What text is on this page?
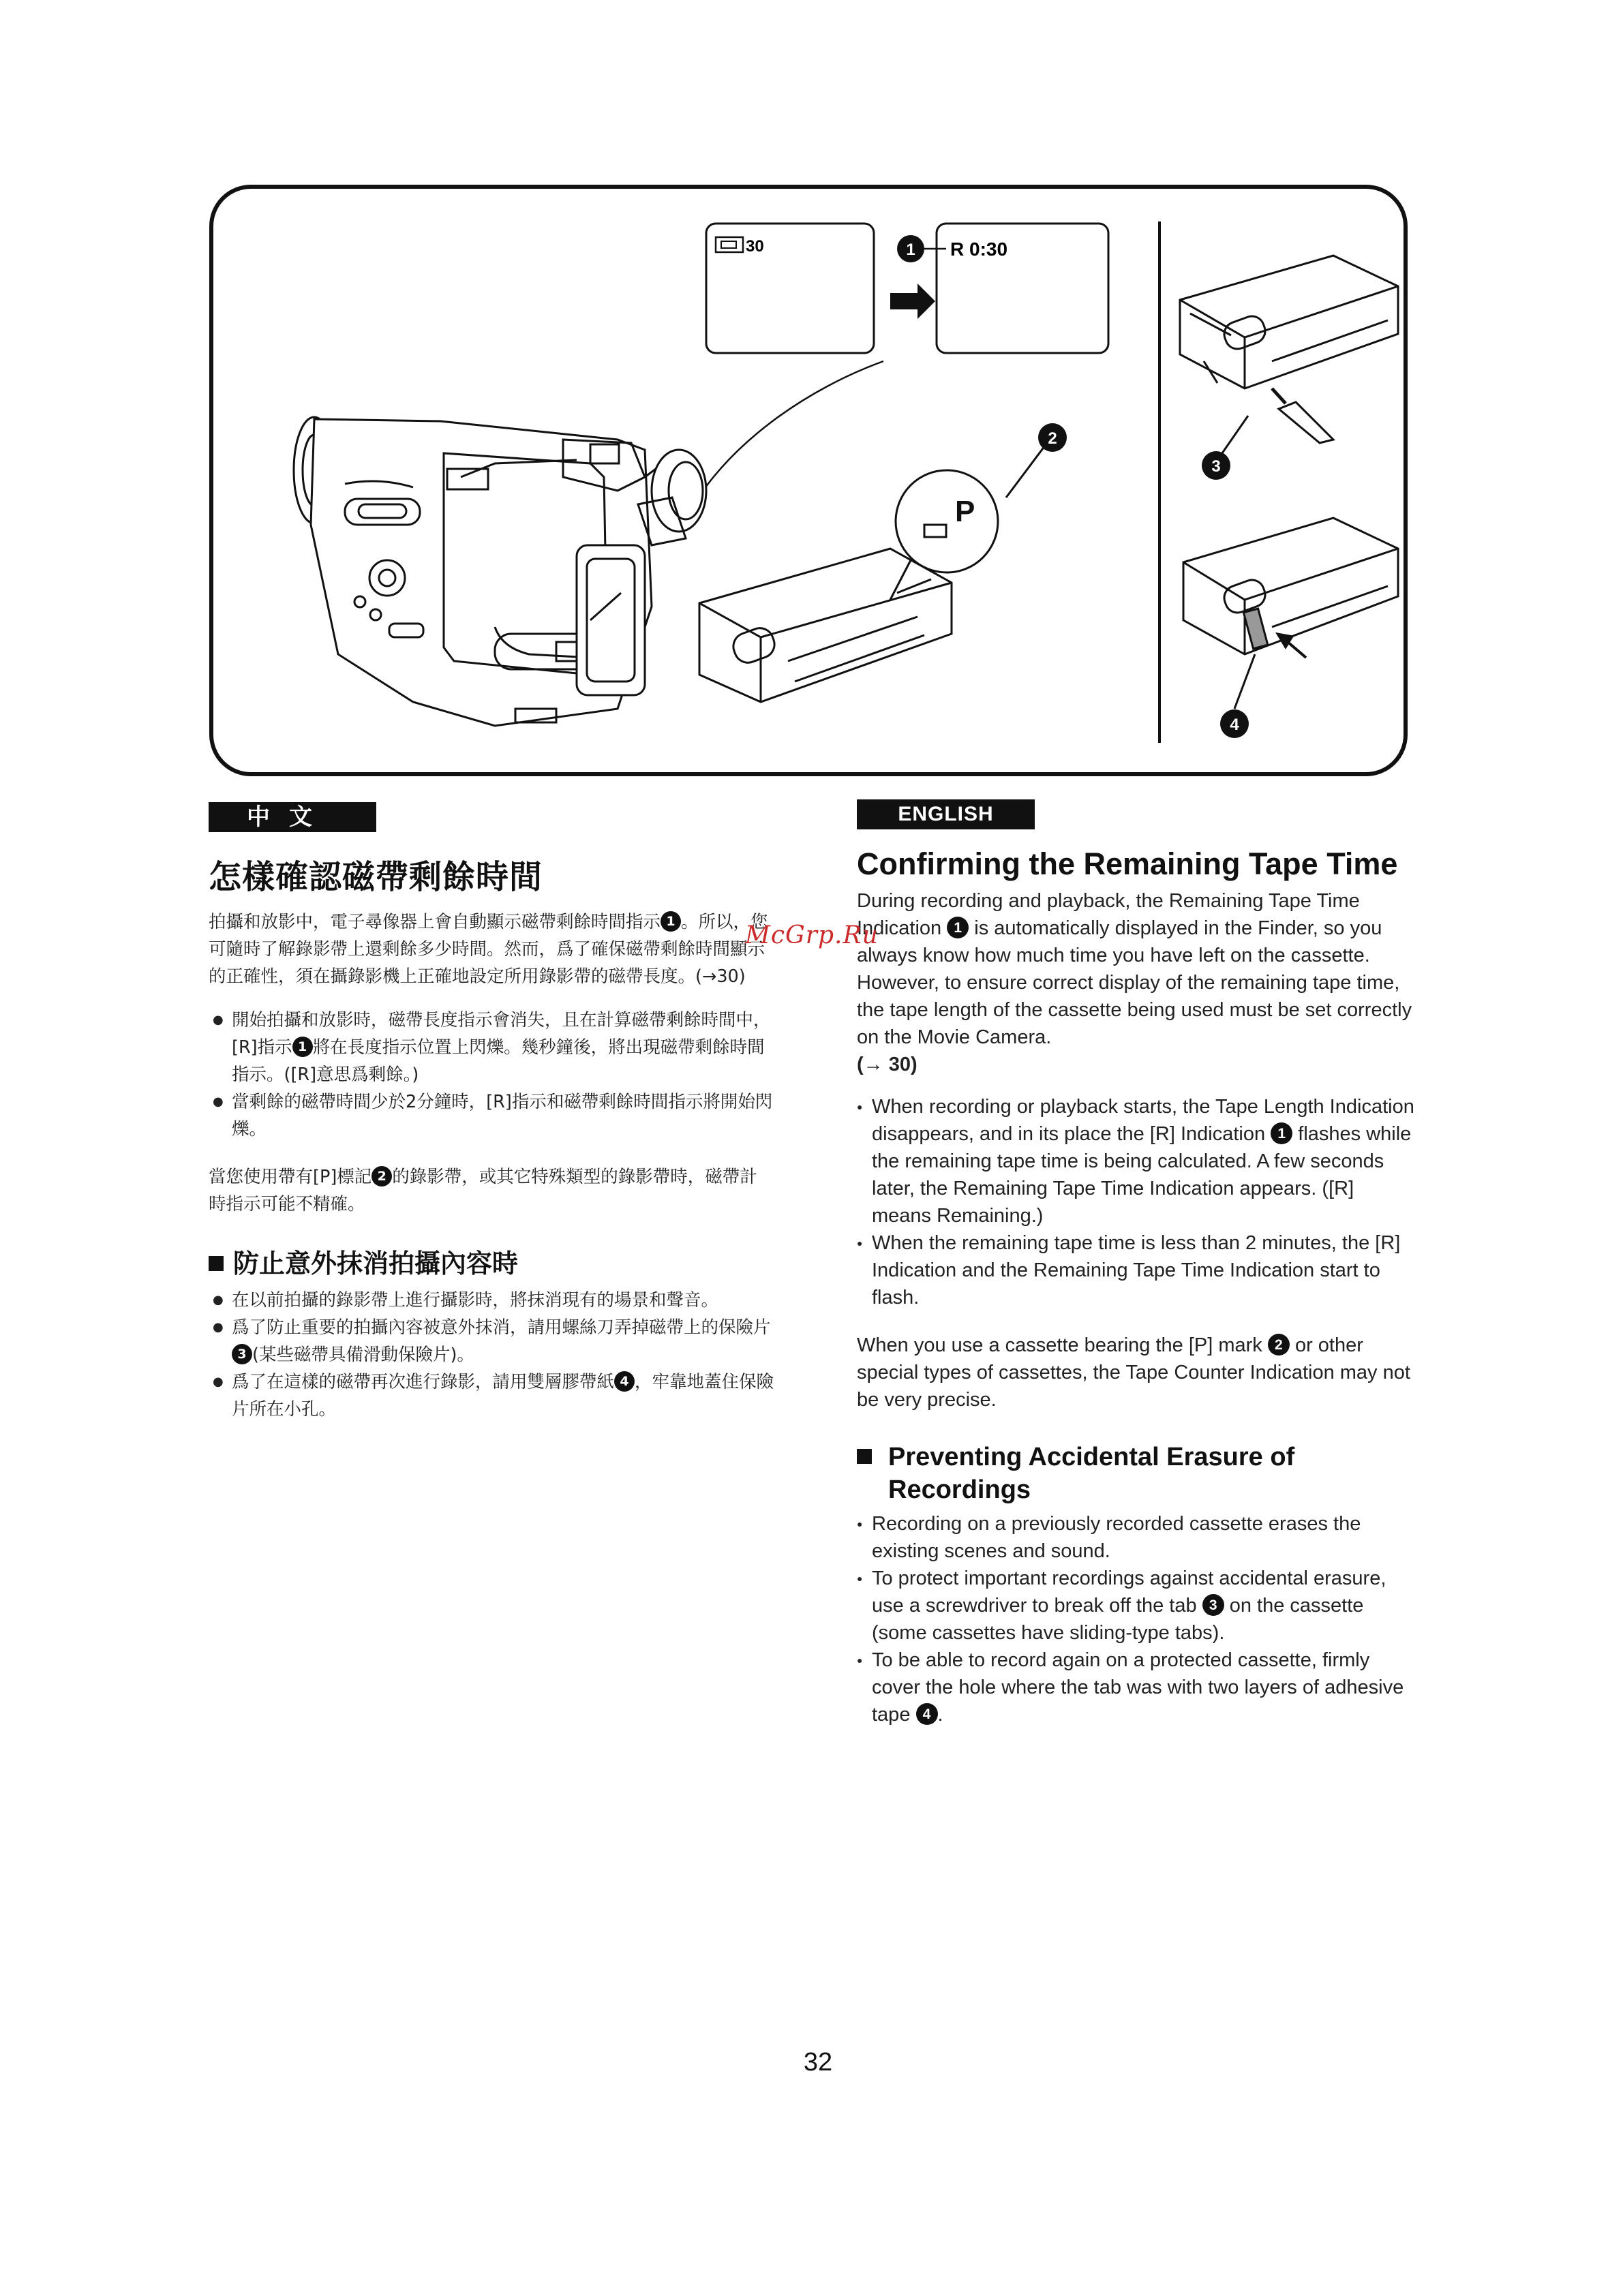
30	R 0:30
1
P
2
3
4
中文	ENGLISH
怎樣確認磁帶剩餘時間

拍攝和放影中，電子尋像器上會自動顯示磁帶剩餘時間指示 1 。所以，您可隨時了解錄影帶上還剩餘多少時間。然而，爲了確保磁帶剩餘時間顯示的正確性，須在攝錄影機上正確地設定所用錄影帶的磁帶長度。(→30)

● 開始拍攝和放影時，磁帶長度指示會消失，且在計算磁帶剩餘時間中，[R]指示 1 將在長度指示位置上閃爍。幾秒鐘後，將出現磁帶剩餘時間指示。([R]意思爲剩餘。)
● 當剩餘的磁帶時間少於2分鐘時，[R]指示和磁帶剩餘時間指示將開始閃爍。

當您使用帶有[P]標記 2 的錄影帶，或其它特殊類型的錄影帶時，磁帶計時指示可能不精確。

防止意外抹消拍攝內容時
● 在以前拍攝的錄影帶上進行攝影時，將抹消現有的場景和聲音。
● 爲了防止重要的拍攝內容被意外抹消，請用螺絲刀弄掉磁帶上的保險片3 (某些磁帶具備滑動保險片)。
● 爲了在這樣的磁帶再次進行錄影，請用雙層膠帶紙 4 ，牢靠地蓋住保險片所在小孔。
Confirming the Remaining Tape Time

During recording and playback, the Remaining Tape Time Indication 1 is automatically displayed in the Finder, so you always know how much time you have left on the cassette. However, to ensure correct display of the remaining tape time, the tape length of the cassette being used must be set correctly on the Movie Camera.
(→ 30)

● When recording or playback starts, the Tape Length Indication disappears, and in its place the [R] Indication 1 flashes while the remaining tape time is being calculated. A few seconds later, the Remaining Tape Time Indication appears. ([R] means Remaining.)
● When the remaining tape time is less than 2 minutes, the [R] Indication and the Remaining Tape Time Indication start to flash.

When you use a cassette bearing the [P] mark 2 or other special types of cassettes, the Tape Counter Indication may not be very precise.

Preventing Accidental Erasure of Recordings
● Recording on a previously recorded cassette erases the existing scenes and sound.
● To protect important recordings against accidental erasure, use a screwdriver to break off the tab 3 on the cassette (some cassettes have sliding-type tabs).
● To be able to record again on a protected cassette, firmly cover the hole where the tab was with two layers of adhesive tape 4 .
McGrp.Ru
32
